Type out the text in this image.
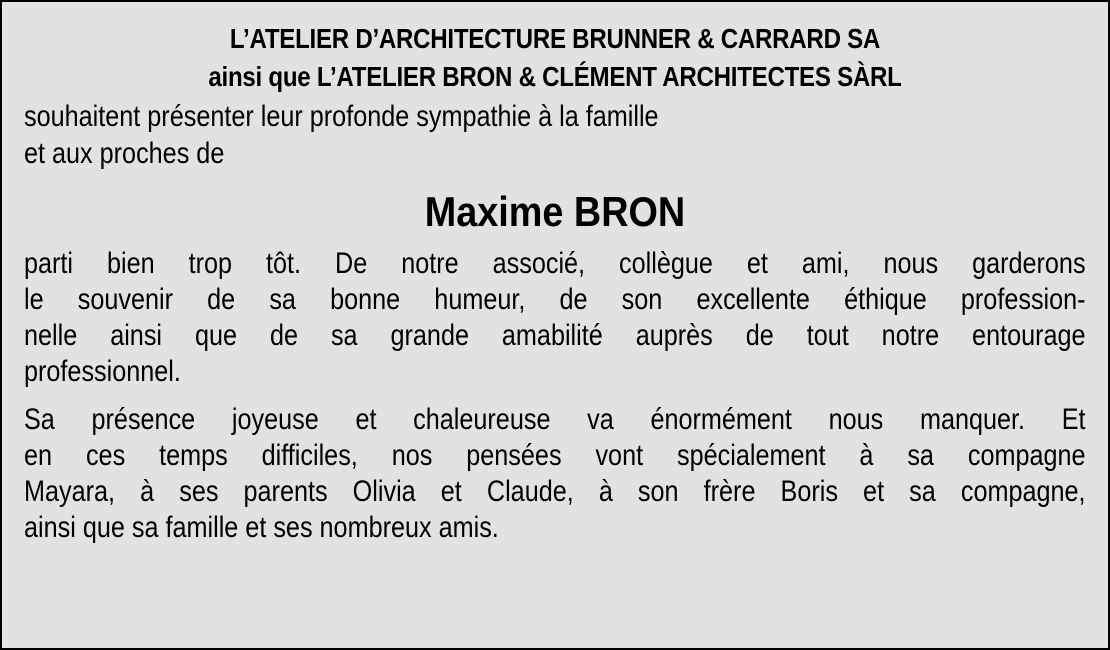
L’ATELIER D’ARCHITECTURE BRUNNER & CARRARD SA
ainsi que L’ATELIER BRON & CLÉMENT ARCHITECTES SÀRL
souhaitent présenter leur profonde sympathie à la famille
et aux proches de
Maxime BRON
parti bien trop tôt. De notre associé, collègue et ami, nous garderons
le souvenir de sa bonne humeur, de son excellente éthique profession-
nelle ainsi que de sa grande amabilité auprès de tout notre entourage
professionnel.
Sa présence joyeuse et chaleureuse va énormément nous manquer. Et
en ces temps difficiles, nos pensées vont spécialement à sa compagne
Mayara, à ses parents Olivia et Claude, à son frère Boris et sa compagne,
ainsi que sa famille et ses nombreux amis.
